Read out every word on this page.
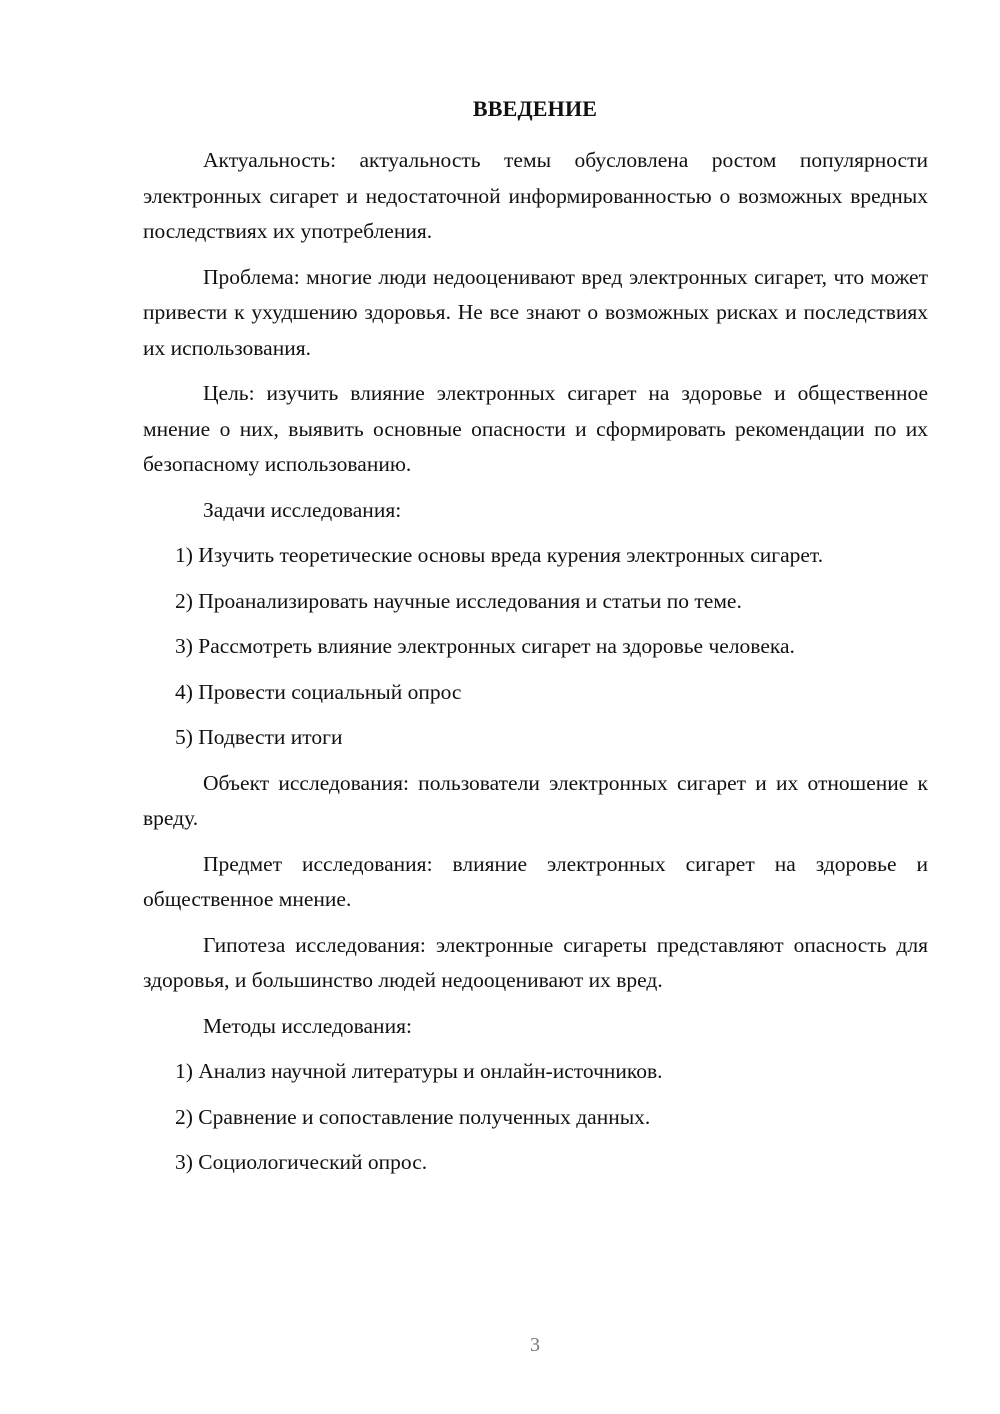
ВВЕДЕНИЕ

Актуальность: актуальность темы обусловлена ростом популярности электронных сигарет и недостаточной информированностью о возможных вредных последствиях их употребления.

Проблема: многие люди недооценивают вред электронных сигарет, что может привести к ухудшению здоровья. Не все знают о возможных рисках и последствиях их использования.

Цель: изучить влияние электронных сигарет на здоровье и общественное мнение о них, выявить основные опасности и сформировать рекомендации по их безопасному использованию.

Задачи исследования:

1) Изучить теоретические основы вреда курения электронных сигарет.
2) Проанализировать научные исследования и статьи по теме.
3) Рассмотреть влияние электронных сигарет на здоровье человека.
4) Провести социальный опрос
5) Подвести итоги

Объект исследования: пользователи электронных сигарет и их отношение к вреду.

Предмет исследования: влияние электронных сигарет на здоровье и общественное мнение.

Гипотеза исследования: электронные сигареты представляют опасность для здоровья, и большинство людей недооценивают их вред.

Методы исследования:

1) Анализ научной литературы и онлайн-источников.
2) Сравнение и сопоставление полученных данных.
3) Социологический опрос.
3
